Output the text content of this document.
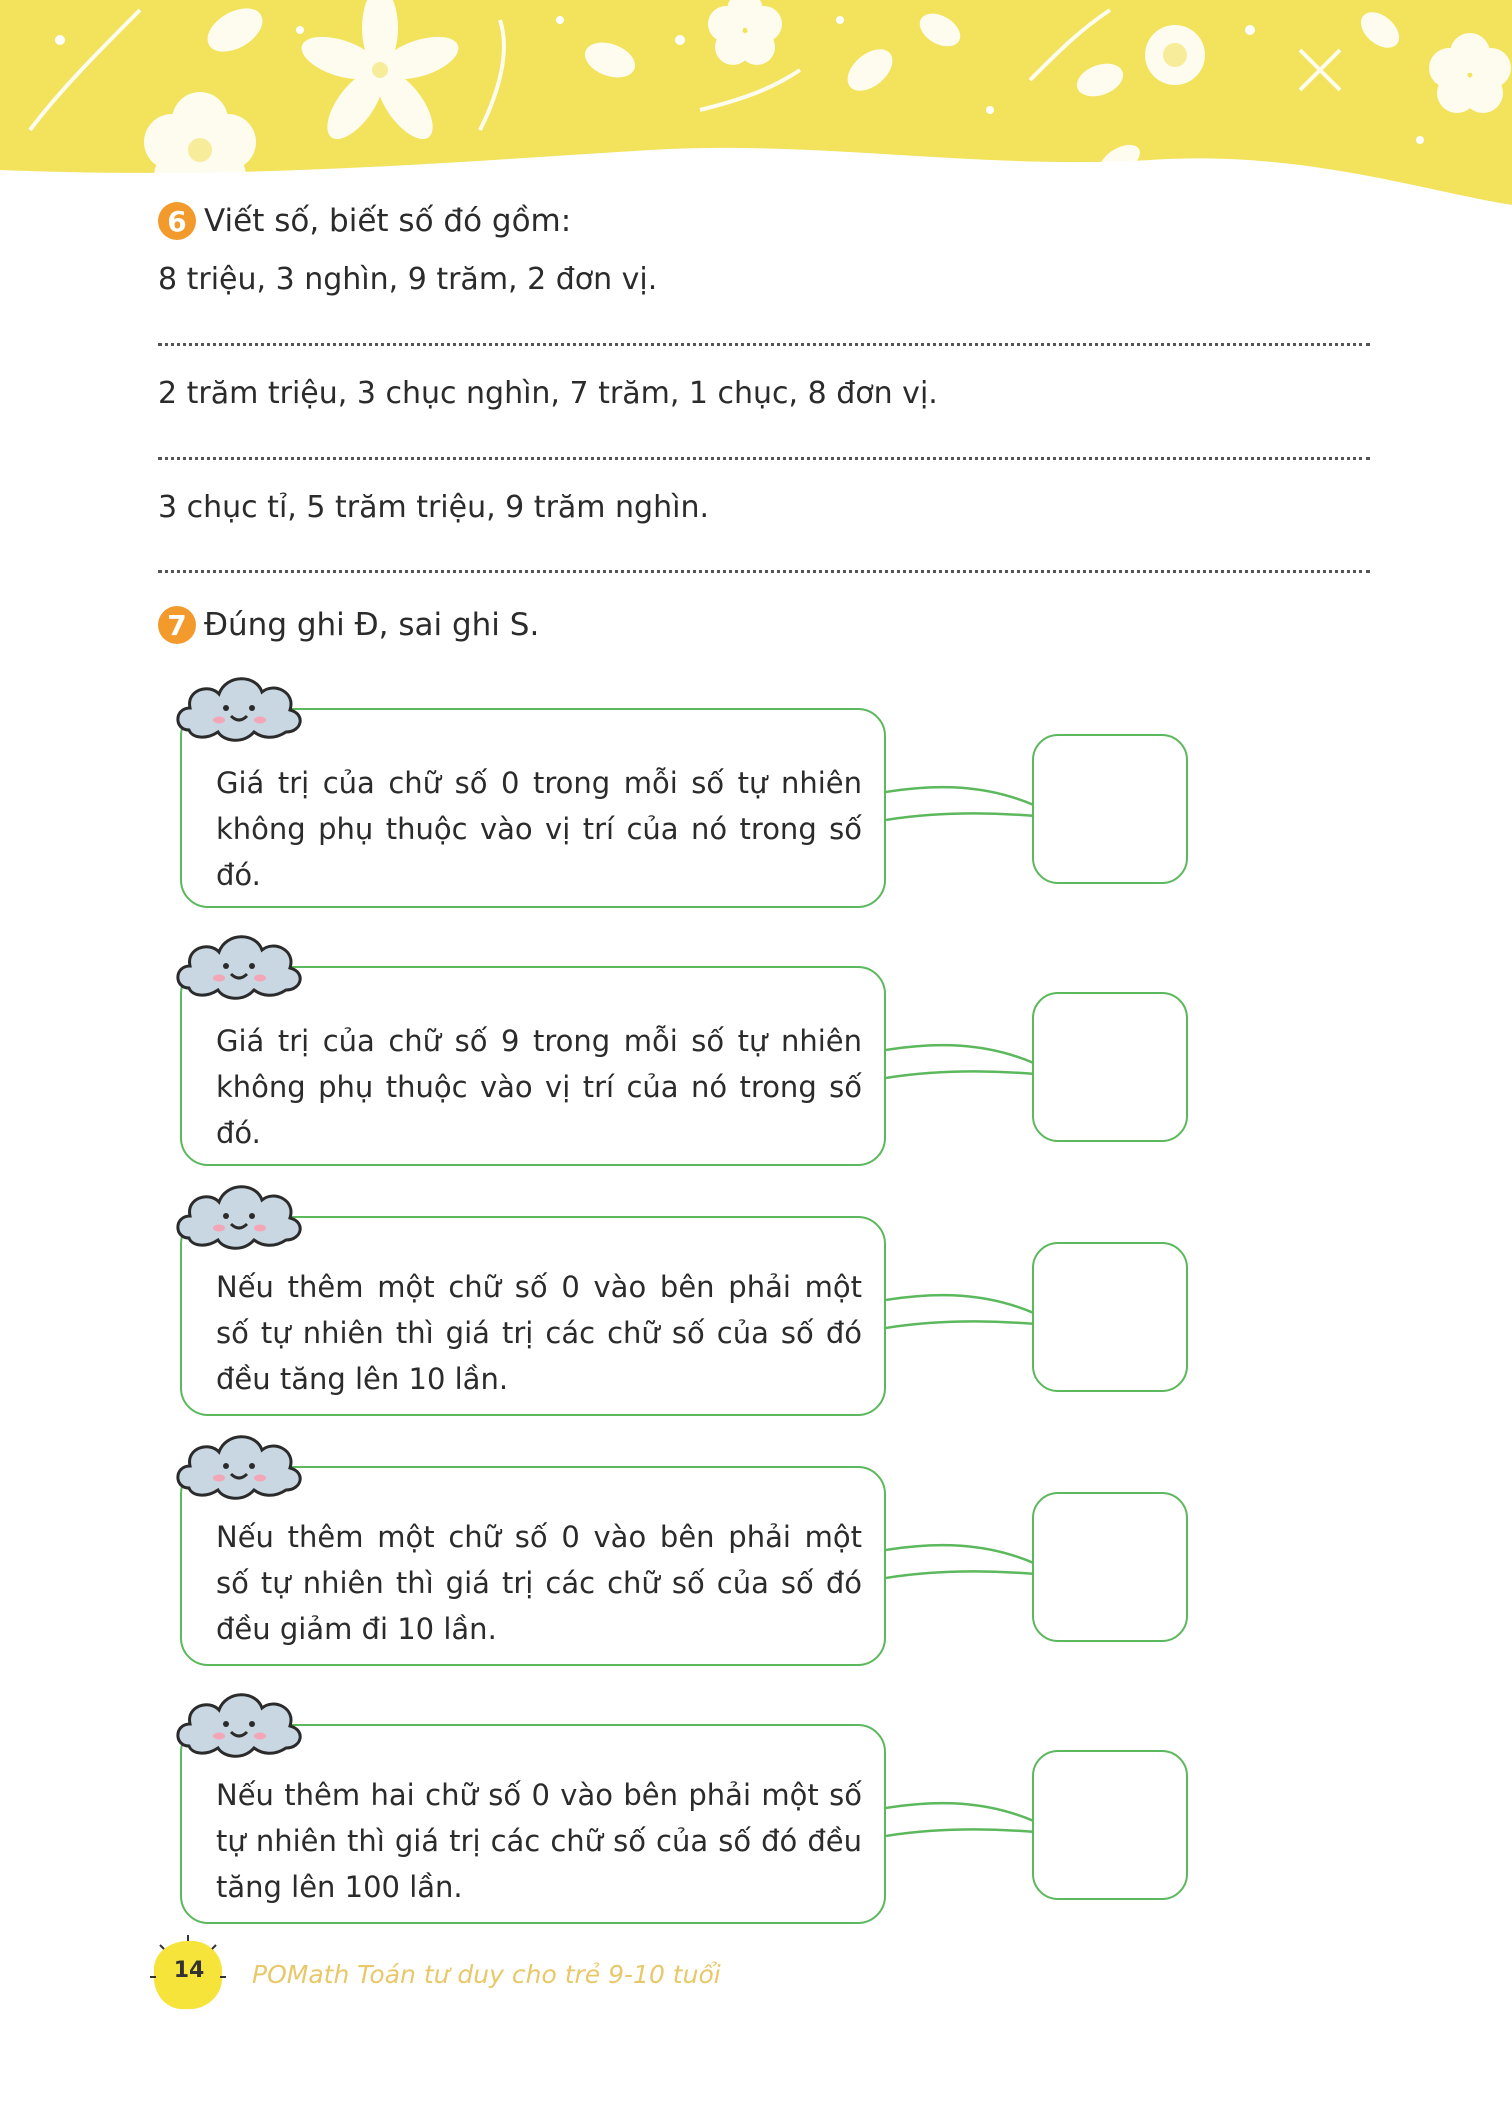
6 Viết số, biết số đó gồm:
8 triệu, 3 nghìn, 9 trăm, 2 đơn vị.
2 trăm triệu, 3 chục nghìn, 7 trăm, 1 chục, 8 đơn vị.
3 chục tỉ, 5 trăm triệu, 9 trăm nghìn.
7 Đúng ghi Đ, sai ghi S.
Giá trị của chữ số 0 trong mỗi số tự nhiên không phụ thuộc vào vị trí của nó trong số đó.
Giá trị của chữ số 9 trong mỗi số tự nhiên không phụ thuộc vào vị trí của nó trong số đó.
Nếu thêm một chữ số 0 vào bên phải một số tự nhiên thì giá trị các chữ số của số đó đều tăng lên 10 lần.
Nếu thêm một chữ số 0 vào bên phải một số tự nhiên thì giá trị các chữ số của số đó đều giảm đi 10 lần.
Nếu thêm hai chữ số 0 vào bên phải một số tự nhiên thì giá trị các chữ số của số đó đều tăng lên 100 lần.
14	POMath Toán tư duy cho trẻ 9-10 tuổi
